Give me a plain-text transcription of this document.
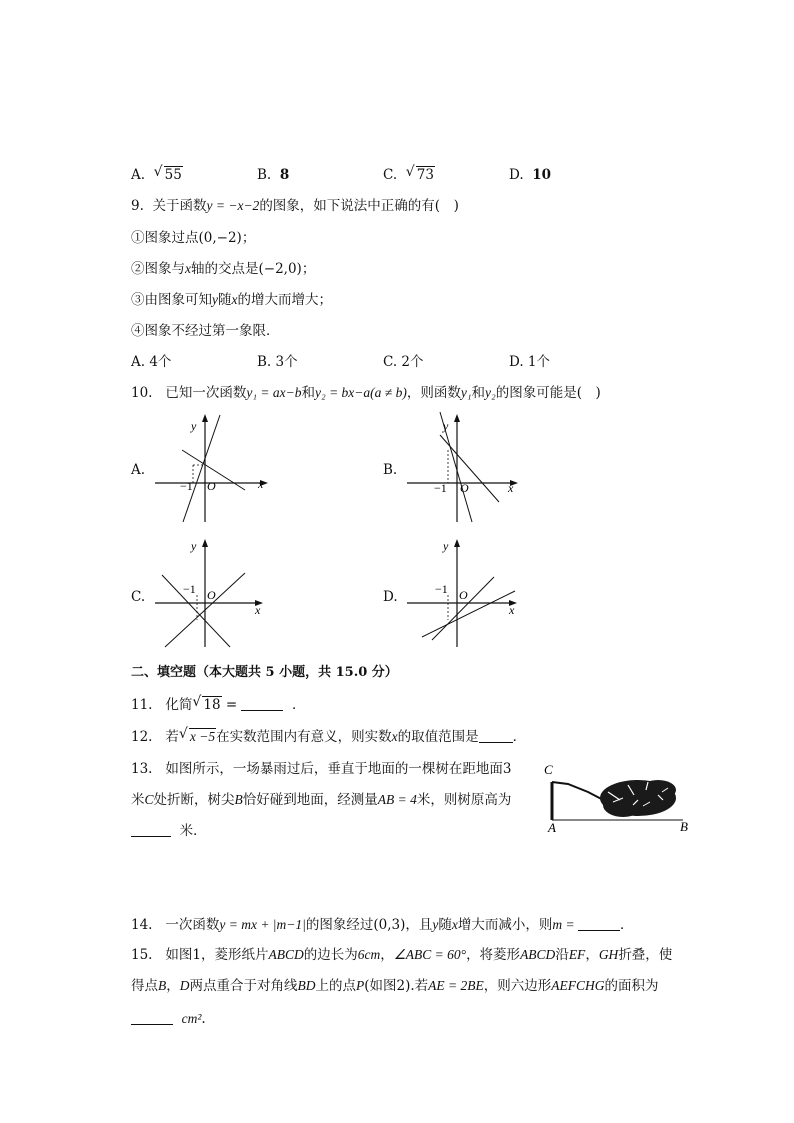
A. √ 55	B. 8	C. √ 73	D. 10
9. 关于函数y = −x−2的图象，如下说法中正确的有(　)
①图象过点(0,−2)；
②图象与x轴的交点是(−2,0)；
③由图象可知y随x的增大而增大；
④图象不经过第一象限．
A. 4个	B. 3个	C. 2个	D. 1个
10. 已知一次函数y₁ = ax−b和y₂ = bx−a(a ≠ b)，则函数y₁和y₂的图象可能是(　)
A.
y
x
O
−1
B.
y
x
O
−1
C.
y
x
O
−1	D.
y
x
O
−1
二、填空题（本大题共 5 小题，共 15.0 分）
11. 化简 √ 18 =	．
12. 若 √ x −5在实数范围内有意义，则实数x的取值范围是	．
13. 如图所示，一场暴雨过后，垂直于地面的一棵树在距地面3
米C处折断，树尖B恰好碰到地面，经测量AB = 4米，则树原高为
米．
C
A	B
14. 一次函数y = mx + |m−1|的图象经过(0,3)，且y随x增大而减小，则m =	．
15. 如图1，菱形纸片ABCD的边长为6cm，∠ABC = 60°，将菱形ABCD沿EF，GH折叠，使
得点B，D两点重合于对角线BD上的点P(如图2).若AE = 2BE，则六边形AEFCHG的面积为
cm².
